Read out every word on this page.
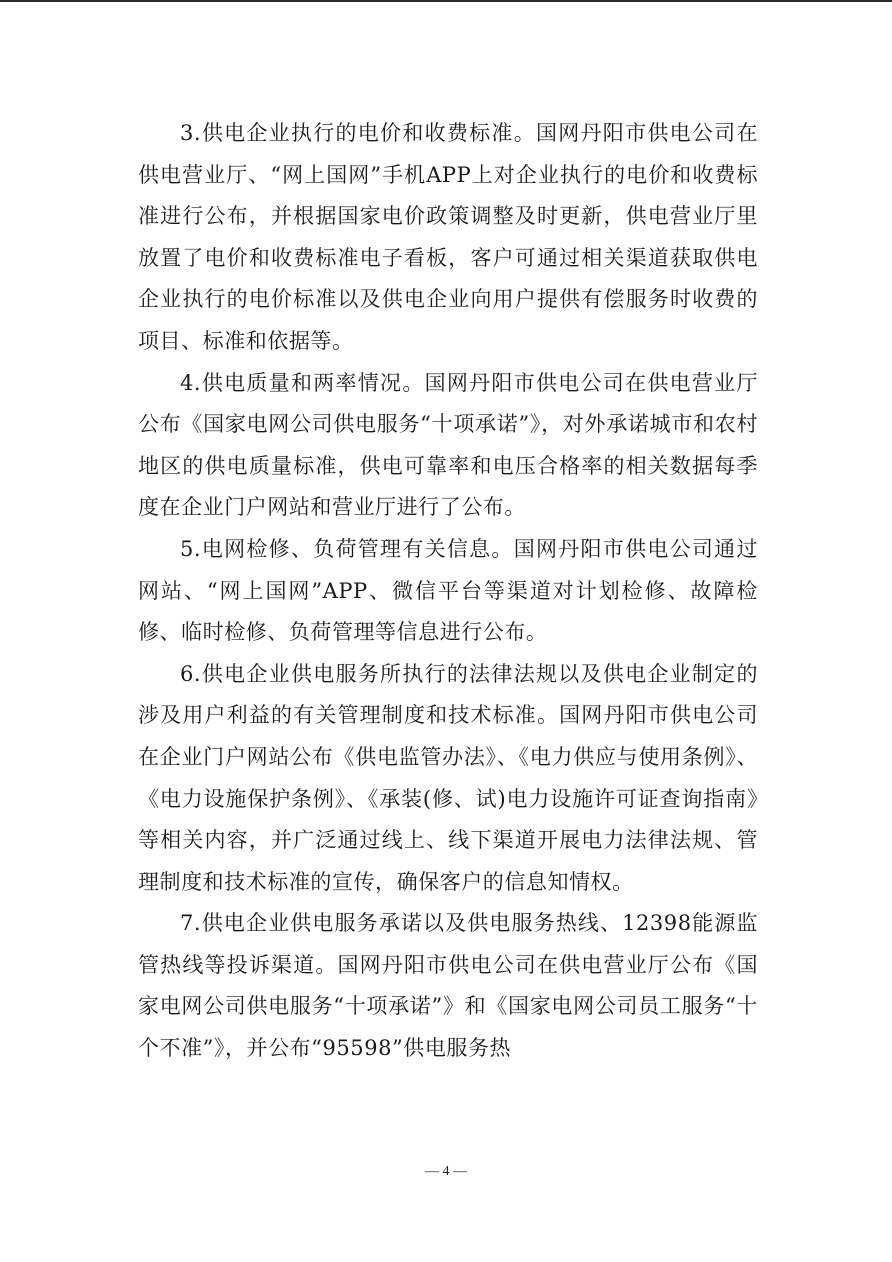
3.供电企业执行的电价和收费标准。国网丹阳市供电公司在供电营业厅、“网上国网”手机APP上对企业执行的电价和收费标准进行公布，并根据国家电价政策调整及时更新，供电营业厅里放置了电价和收费标准电子看板，客户可通过相关渠道获取供电企业执行的电价标准以及供电企业向用户提供有偿服务时收费的项目、标准和依据等。

4.供电质量和两率情况。国网丹阳市供电公司在供电营业厅公布《国家电网公司供电服务“十项承诺”》，对外承诺城市和农村地区的供电质量标准，供电可靠率和电压合格率的相关数据每季度在企业门户网站和营业厅进行了公布。

5.电网检修、负荷管理有关信息。国网丹阳市供电公司通过网站、“网上国网”APP、微信平台等渠道对计划检修、故障检修、临时检修、负荷管理等信息进行公布。

6.供电企业供电服务所执行的法律法规以及供电企业制定的涉及用户利益的有关管理制度和技术标准。国网丹阳市供电公司在企业门户网站公布《供电监管办法》、《电力供应与使用条例》、《电力设施保护条例》、《承装(修、试)电力设施许可证查询指南》等相关内容，并广泛通过线上、线下渠道开展电力法律法规、管理制度和技术标准的宣传，确保客户的信息知情权。

7.供电企业供电服务承诺以及供电服务热线、12398能源监管热线等投诉渠道。国网丹阳市供电公司在供电营业厅公布《国家电网公司供电服务“十项承诺”》和《国家电网公司员工服务“十个不准”》，并公布“95598”供电服务热

— 4 —
